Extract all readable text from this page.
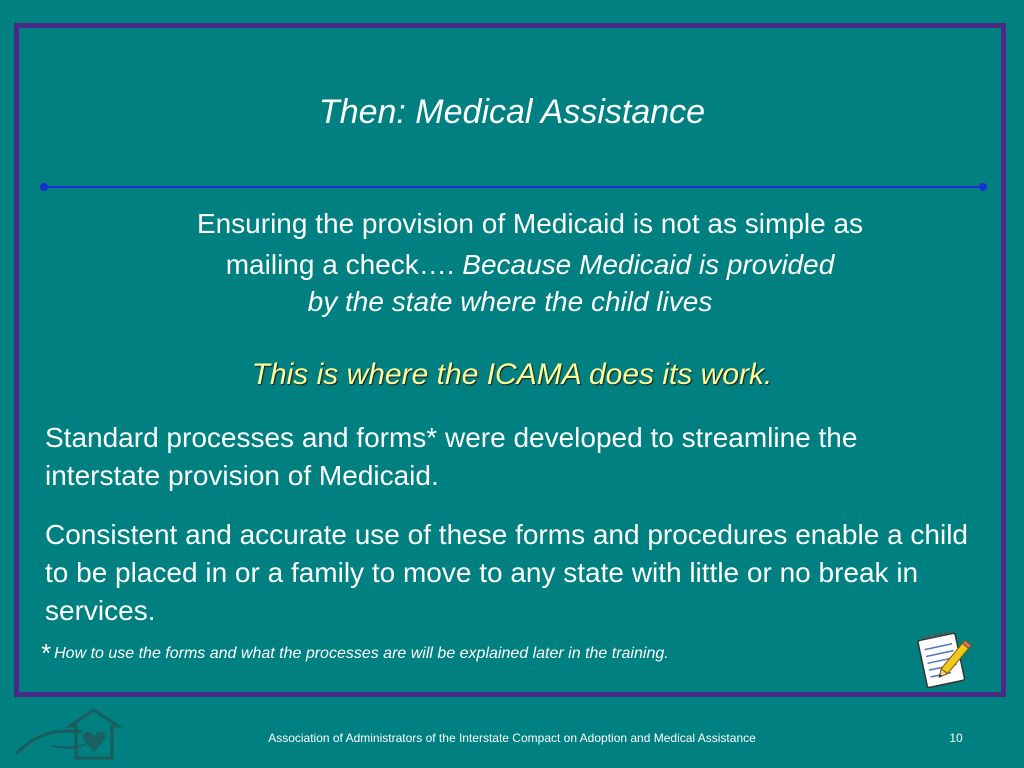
Then: Medical Assistance
Ensuring the provision of Medicaid is not as simple as
mailing a check…. Because Medicaid is provided
by the state where the child lives
This is where the ICAMA does its work.
Standard processes and forms* were developed to streamline the interstate provision of Medicaid.
Consistent and accurate use of these forms and procedures enable a child to be placed in or a family to move to any state with little or no break in services.
* How to use the forms and what the processes are will be explained later in the training.
Association of Administrators of the Interstate Compact on Adoption and Medical Assistance	10
